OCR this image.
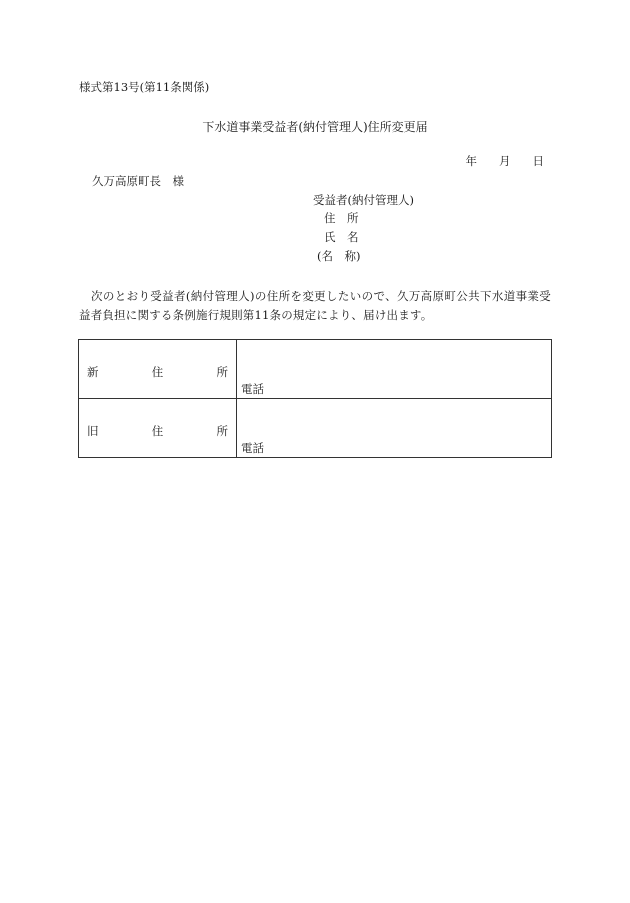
様式第13号(第11条関係)
下水道事業受益者(納付管理人)住所変更届
年 月 日
久万高原町長　様
受益者(納付管理人)
住　所
氏　名
(名　称)
次のとおり受益者(納付管理人)の住所を変更したいので、久万高原町公共下水道事業受益者負担に関する条例施行規則第11条の規定により、届け出ます。
新 住 所	電話

旧 住 所	電話
